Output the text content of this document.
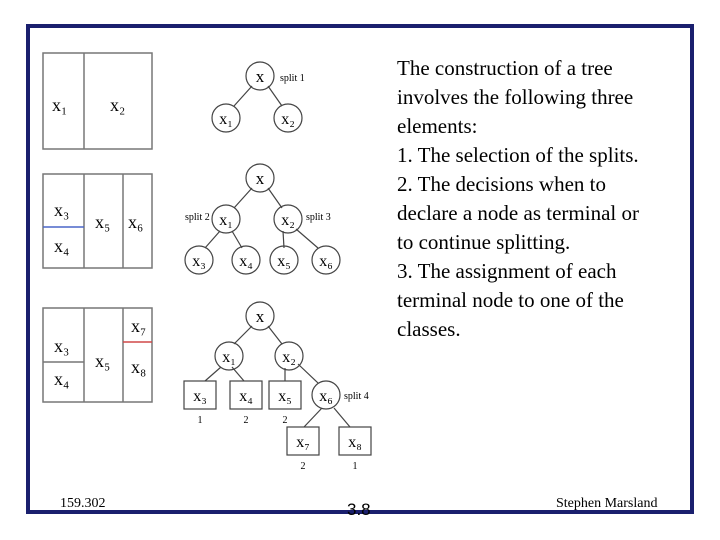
x₁ x₂
x₃
x₄
x₅ x₆
x₃
x₄
x₅
x₇
x₈
x
x₁	x₂
split 1
x
x₁	x₂
x₃ x₄ x₅ x₆
split 2	split 3
x
x₁	x₂
x₃ x₄ x₅ x₆
x₇ x₈
split 4
1	2	2
2	1

The construction of a tree
involves the following three
elements:
1. The selection of the splits.
2. The decisions when to
declare a node as terminal or
to continue splitting.
3. The assignment of each
terminal node to one of the
classes.

159.302	3.8	Stephen Marsland
